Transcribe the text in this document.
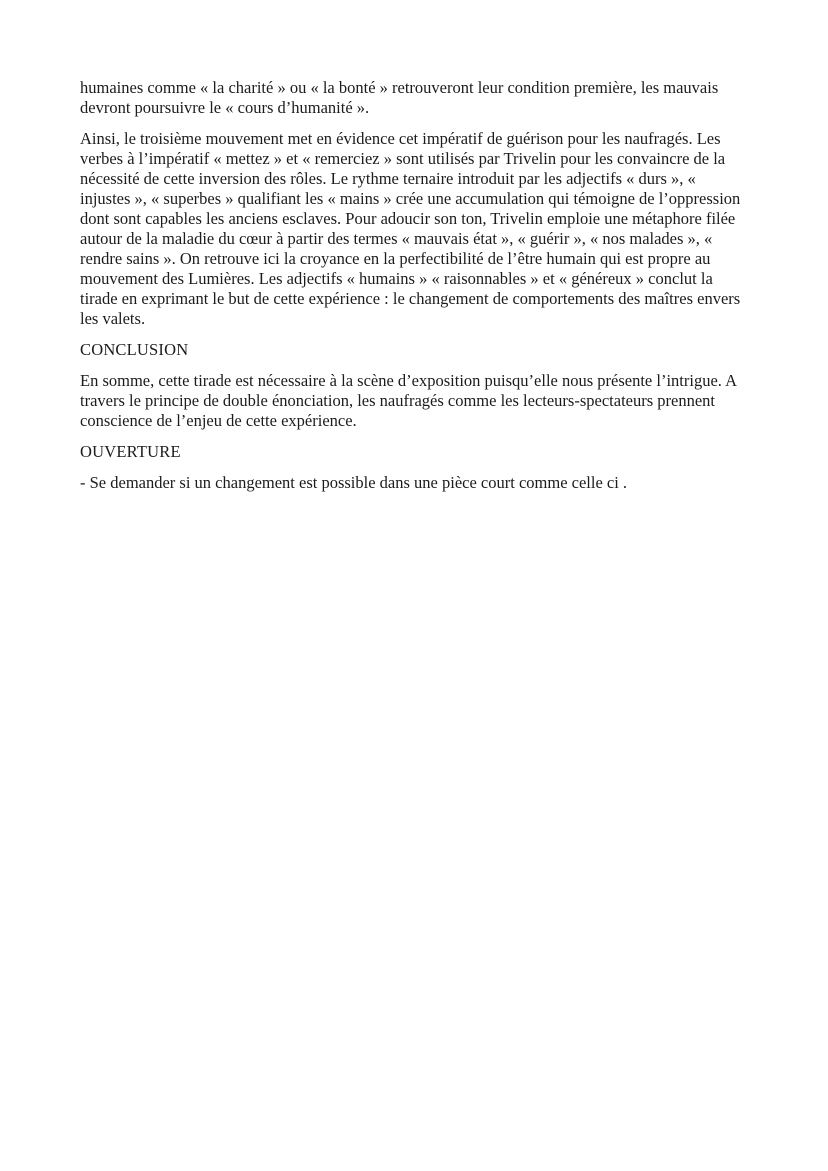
humaines comme « la charité » ou « la bonté » retrouveront leur condition première, les mauvais devront poursuivre le « cours d’humanité ».

Ainsi, le troisième mouvement met en évidence cet impératif de guérison pour les naufragés. Les verbes à l’impératif « mettez » et « remerciez » sont utilisés par Trivelin pour les convaincre de la nécessité de cette inversion des rôles. Le rythme ternaire introduit par les adjectifs « durs », « injustes », « superbes » qualifiant les « mains » crée une accumulation qui témoigne de l’oppression dont sont capables les anciens esclaves. Pour adoucir son ton, Trivelin emploie une métaphore filée autour de la maladie du cœur à partir des termes « mauvais état », « guérir », « nos malades », « rendre sains ». On retrouve ici la croyance en la perfectibilité de l’être humain qui est propre au mouvement des Lumières. Les adjectifs « humains » « raisonnables » et « généreux » conclut la tirade en exprimant le but de cette expérience : le changement de comportements des maîtres envers les valets.

CONCLUSION

En somme, cette tirade est nécessaire à la scène d’exposition puisqu’elle nous présente l’intrigue. A travers le principe de double énonciation, les naufragés comme les lecteurs-spectateurs prennent conscience de l’enjeu de cette expérience.

OUVERTURE

- Se demander si un changement est possible dans une pièce court comme celle ci .
